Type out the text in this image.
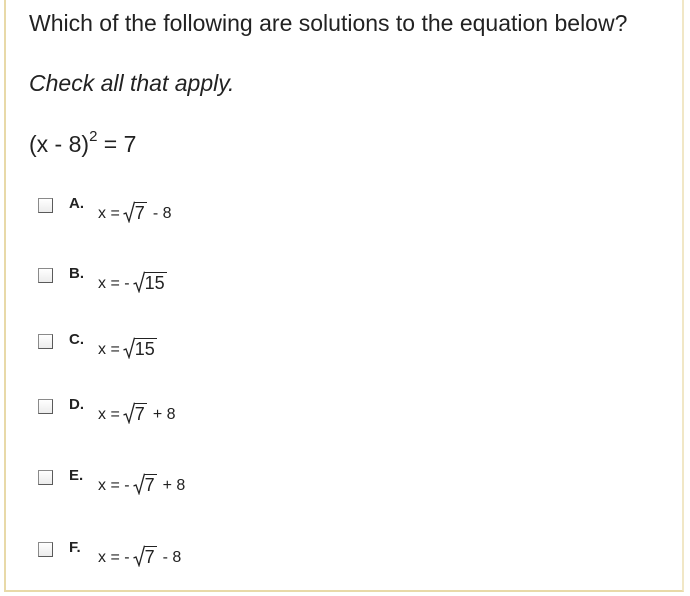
Which of the following are solutions to the equation below?
Check all that apply.
(x - 8)$^2$ = 7
A.
x = 7 - 8
B.
x = - 15
C.
x = 15
D.
x = 7 + 8
E.
x = - 7 + 8
F.
x = - 7 - 8
